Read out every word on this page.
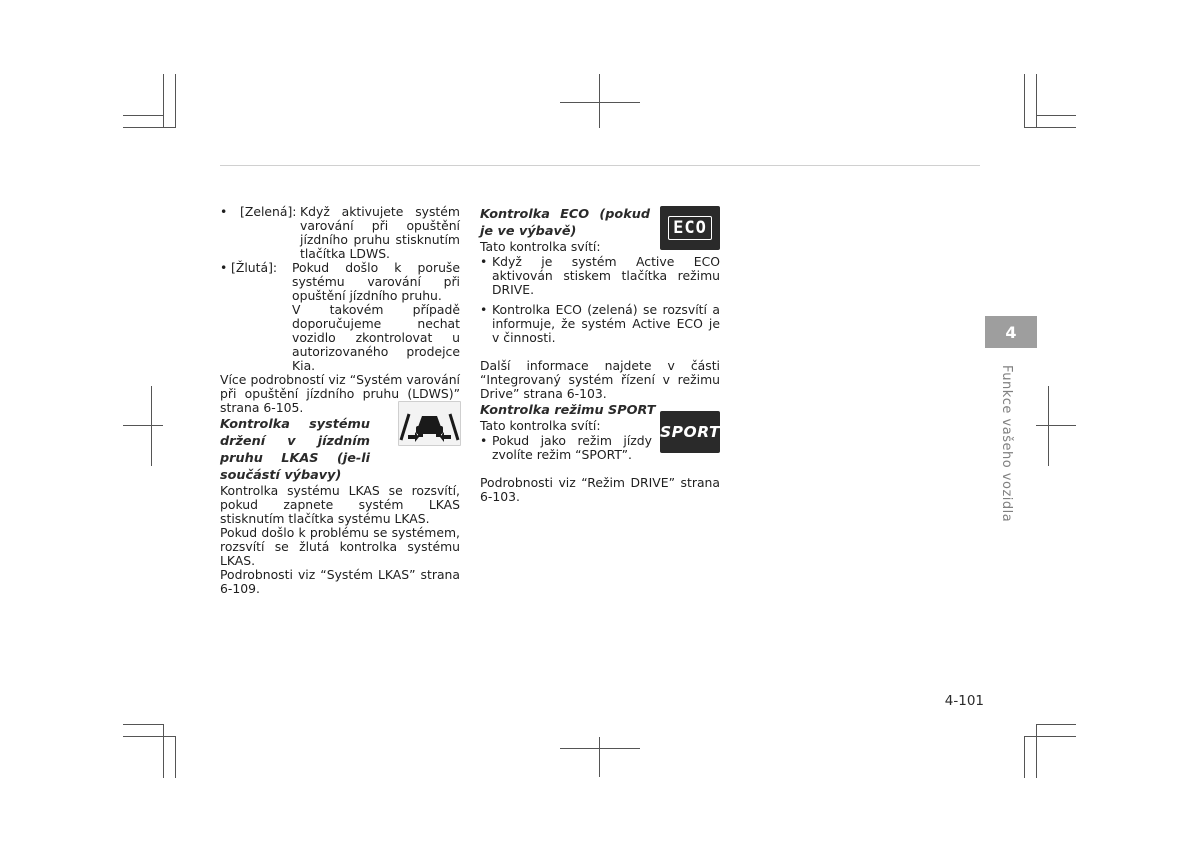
•	[Zelená]: Když aktivujete systém varování při opuštění jízdního pruhu stisknutím tlačítka LDWS.
• [Žlutá]:	Pokud došlo k poruše systému varování při opuštění jízdního pruhu.
V takovém případě doporučujeme nechat vozidlo zkontrolovat u autorizovaného prodejce Kia.

Více podrobností viz “Systém varování při opuštění jízdního pruhu (LDWS)” strana 6-105.

Kontrolka systému držení v jízdním pruhu LKAS (je-li součástí výbavy)

Kontrolka systému LKAS se rozsvítí, pokud zapnete systém LKAS stisknutím tlačítka systému LKAS.

Pokud došlo k problému se systémem, rozsvítí se žlutá kontrolka systému LKAS.

Podrobnosti viz “Systém LKAS” strana 6-109.

Kontrolka ECO (pokud je ve výbavě)

Tato kontrolka svítí:

• Když je systém Active ECO aktivován stiskem tlačítka režimu DRIVE.
• Kontrolka ECO (zelená) se rozsvítí a informuje, že systém Active ECO je v činnosti.

Další informace najdete v části “Integrovaný systém řízení v režimu Drive” strana 6-103.

Kontrolka režimu SPORT

Tato kontrolka svítí:

• Pokud jako režim jízdy zvolíte režim “SPORT”.

Podrobnosti viz “Režim DRIVE” strana 6-103.

ECO
SPORT
4
Funkce vašeho vozidla
4-101
